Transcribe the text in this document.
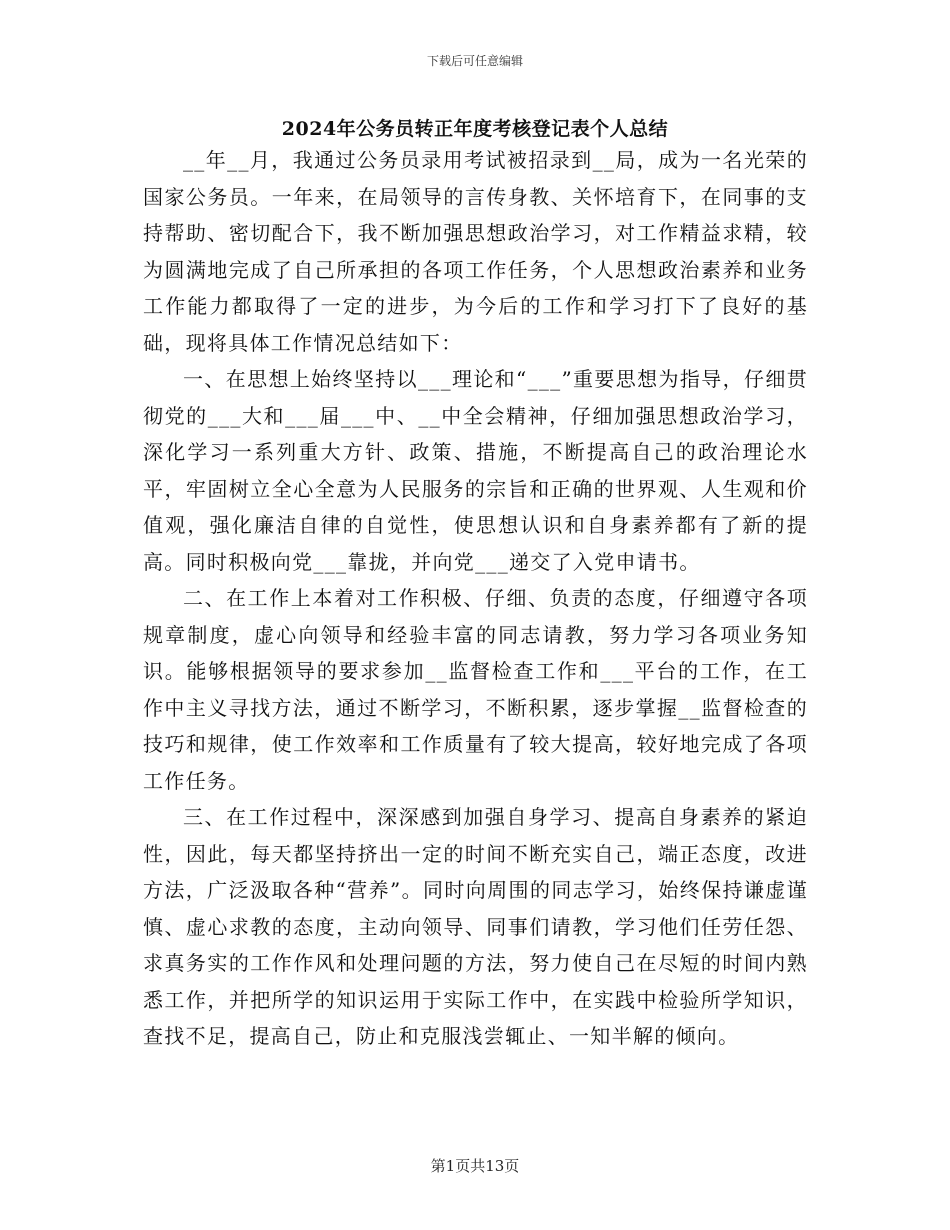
下载后可任意编辑
2024年公务员转正年度考核登记表个人总结

__年__月，我通过公务员录用考试被招录到__局，成为一名光荣的国家公务员。一年来，在局领导的言传身教、关怀培育下，在同事的支持帮助、密切配合下，我不断加强思想政治学习，对工作精益求精，较为圆满地完成了自己所承担的各项工作任务，个人思想政治素养和业务工作能力都取得了一定的进步，为今后的工作和学习打下了良好的基础，现将具体工作情况总结如下：

一、在思想上始终坚持以___理论和“___”重要思想为指导，仔细贯彻党的___大和___届___中、__中全会精神，仔细加强思想政治学习，深化学习一系列重大方针、政策、措施，不断提高自己的政治理论水平，牢固树立全心全意为人民服务的宗旨和正确的世界观、人生观和价值观，强化廉洁自律的自觉性，使思想认识和自身素养都有了新的提高。同时积极向党___靠拢，并向党___递交了入党申请书。

二、在工作上本着对工作积极、仔细、负责的态度，仔细遵守各项规章制度，虚心向领导和经验丰富的同志请教，努力学习各项业务知识。能够根据领导的要求参加__监督检查工作和___平台的工作，在工作中主义寻找方法，通过不断学习，不断积累，逐步掌握__监督检查的技巧和规律，使工作效率和工作质量有了较大提高，较好地完成了各项工作任务。

三、在工作过程中，深深感到加强自身学习、提高自身素养的紧迫性，因此，每天都坚持挤出一定的时间不断充实自己，端正态度，改进方法，广泛汲取各种“营养”。同时向周围的同志学习，始终保持谦虚谨慎、虚心求教的态度，主动向领导、同事们请教，学习他们任劳任怨、求真务实的工作作风和处理问题的方法，努力使自己在尽短的时间内熟悉工作，并把所学的知识运用于实际工作中，在实践中检验所学知识，查找不足，提高自己，防止和克服浅尝辄止、一知半解的倾向。

第1页共13页
